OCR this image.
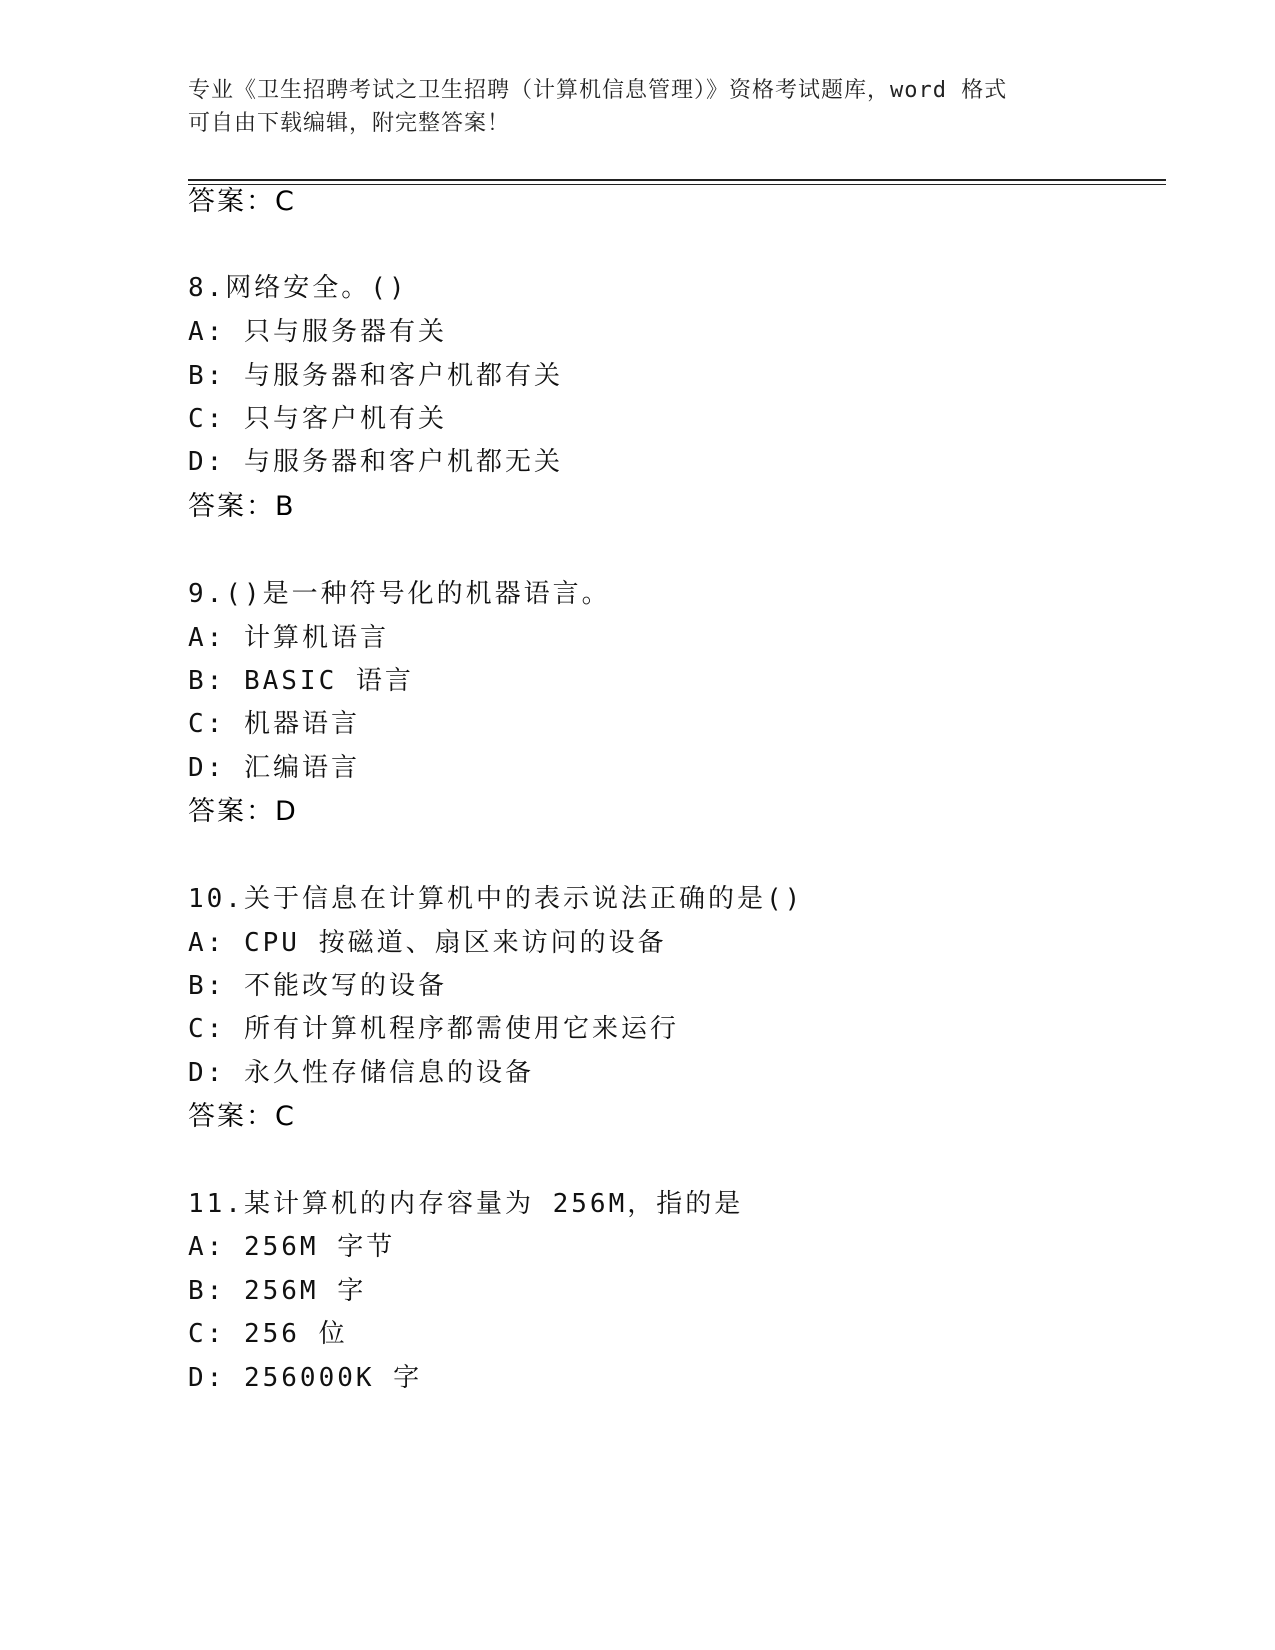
专业《卫生招聘考试之卫生招聘（计算机信息管理）》资格考试题库，word 格式
可自由下载编辑，附完整答案！
答案：C
8.网络安全。()
A: 只与服务器有关
B: 与服务器和客户机都有关
C: 只与客户机有关
D: 与服务器和客户机都无关
答案：B
9.()是一种符号化的机器语言。
A: 计算机语言
B: BASIC 语言
C: 机器语言
D: 汇编语言
答案：D
10.关于信息在计算机中的表示说法正确的是()
A: CPU 按磁道、扇区来访问的设备
B: 不能改写的设备
C: 所有计算机程序都需使用它来运行
D: 永久性存储信息的设备
答案：C
11.某计算机的内存容量为 256M，指的是
A: 256M 字节
B: 256M 字
C: 256 位
D: 256000K 字
